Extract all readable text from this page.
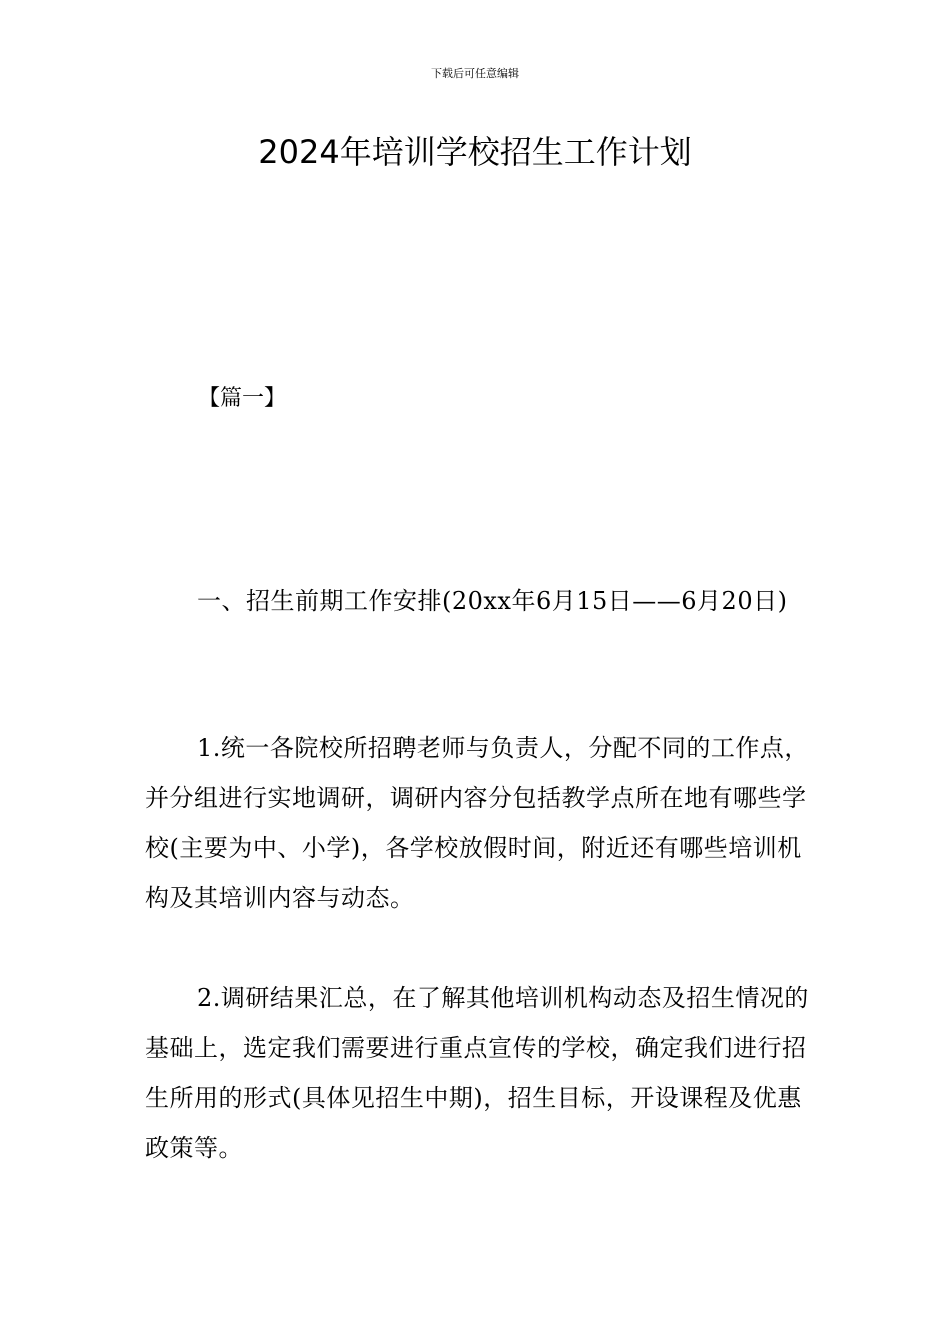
下载后可任意编辑
2024年培训学校招生工作计划
【篇一】

一、招生前期工作安排(20xx年6月15日——6月20日)

1.统一各院校所招聘老师与负责人，分配不同的工作点，并分组进行实地调研，调研内容分包括教学点所在地有哪些学校(主要为中、小学)，各学校放假时间，附近还有哪些培训机构及其培训内容与动态。

2.调研结果汇总，在了解其他培训机构动态及招生情况的基础上，选定我们需要进行重点宣传的学校，确定我们进行招生所用的形式(具体见招生中期)，招生目标，开设课程及优惠政策等。
